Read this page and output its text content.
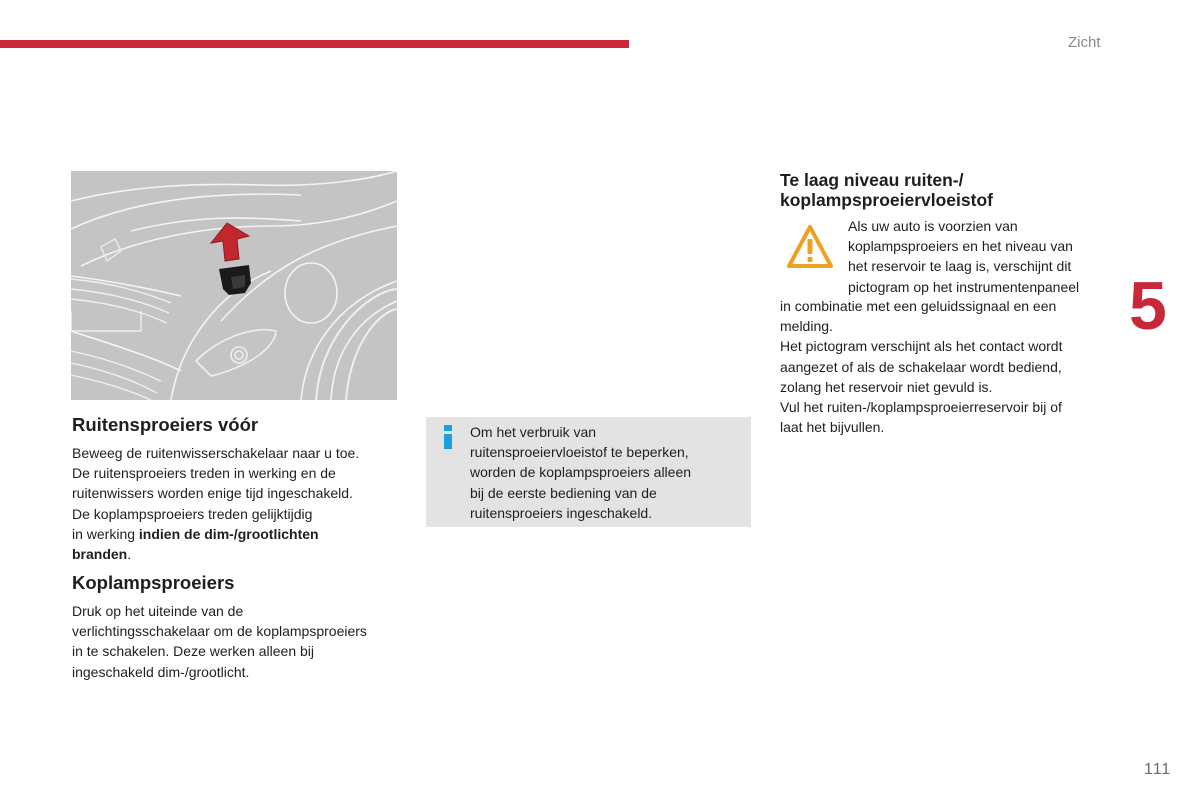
Zicht
5
111
Ruitensproeiers vóór

Beweeg de ruitenwisserschakelaar naar u toe.
De ruitensproeiers treden in werking en de
ruitenwissers worden enige tijd ingeschakeld.
De koplampsproeiers treden gelijktijdig
in werking indien de dim-/grootlichten
branden.

Koplampsproeiers

Druk op het uiteinde van de
verlichtingsschakelaar om de koplampsproeiers
in te schakelen. Deze werken alleen bij
ingeschakeld dim-/grootlicht.

Om het verbruik van
ruitensproeiervloeistof te beperken,
worden de koplampsproeiers alleen
bij de eerste bediening van de
ruitensproeiers ingeschakeld.
Te laag niveau ruiten-/
koplampsproeiervloeistof
Als uw auto is voorzien van
koplampsproeiers en het niveau van
het reservoir te laag is, verschijnt dit
pictogram op het instrumentenpaneel
in combinatie met een geluidssignaal en een
melding.
Het pictogram verschijnt als het contact wordt
aangezet of als de schakelaar wordt bediend,
zolang het reservoir niet gevuld is.
Vul het ruiten-/koplampsproeierreservoir bij of
laat het bijvullen.
